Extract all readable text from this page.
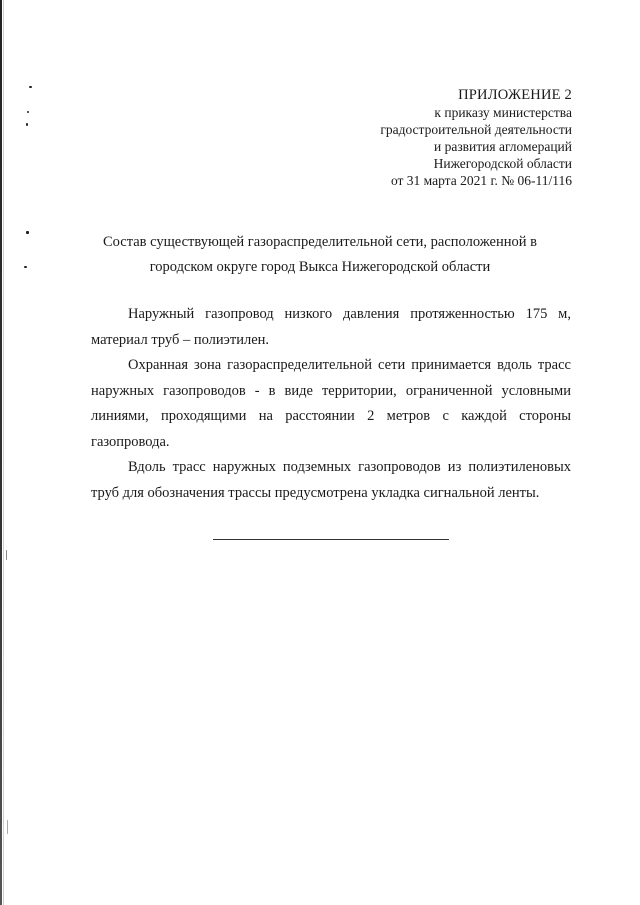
ПРИЛОЖЕНИЕ 2
к приказу министерства
градостроительной деятельности
и развития агломераций
Нижегородской области
от 31 марта 2021 г. № 06-11/116
Состав существующей газораспределительной сети, расположенной в
городском округе город Выкса Нижегородской области

Наружный газопровод низкого давления протяженностью 175 м, материал труб – полиэтилен.

Охранная зона газораспределительной сети принимается вдоль трасс наружных газопроводов - в виде территории, ограниченной условными линиями, проходящими на расстоянии 2 метров с каждой стороны газопровода.

Вдоль трасс наружных подземных газопроводов из полиэтиленовых труб для обозначения трассы предусмотрена укладка сигнальной ленты.
